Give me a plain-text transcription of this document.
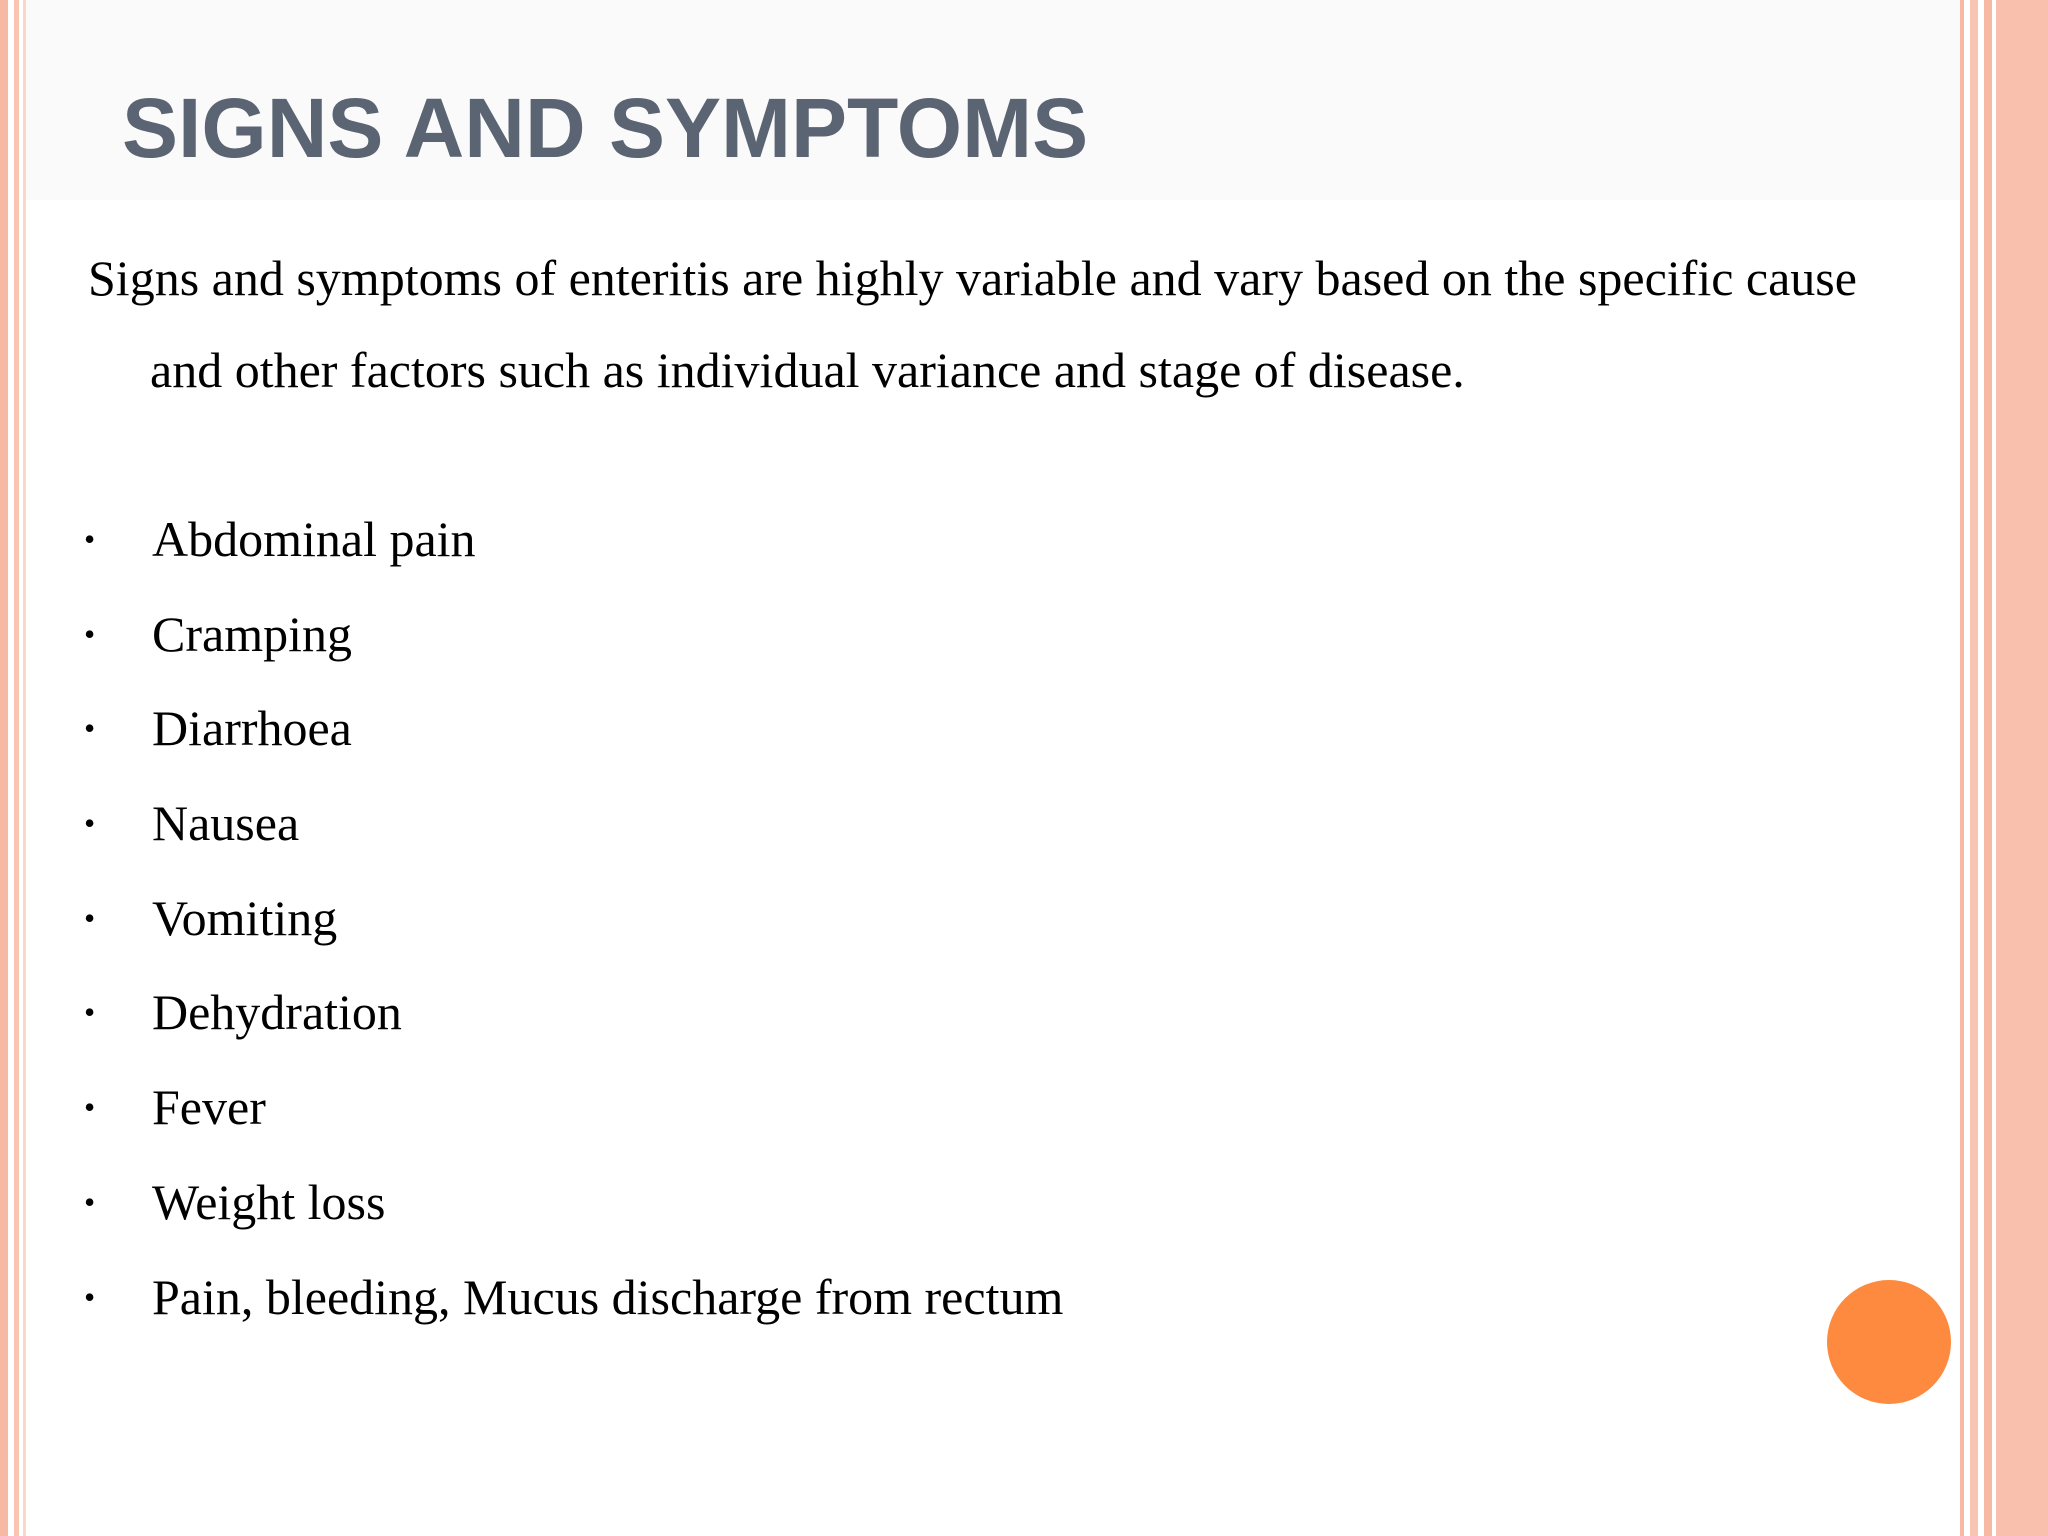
SIGNS AND SYMPTOMS

Signs and symptoms of enteritis are highly variable and vary based on the specific cause and other factors such as individual variance and stage of disease.

• Abdominal pain
• Cramping
• Diarrhoea
• Nausea
• Vomiting
• Dehydration
• Fever
• Weight loss
• Pain, bleeding, Mucus discharge from rectum
